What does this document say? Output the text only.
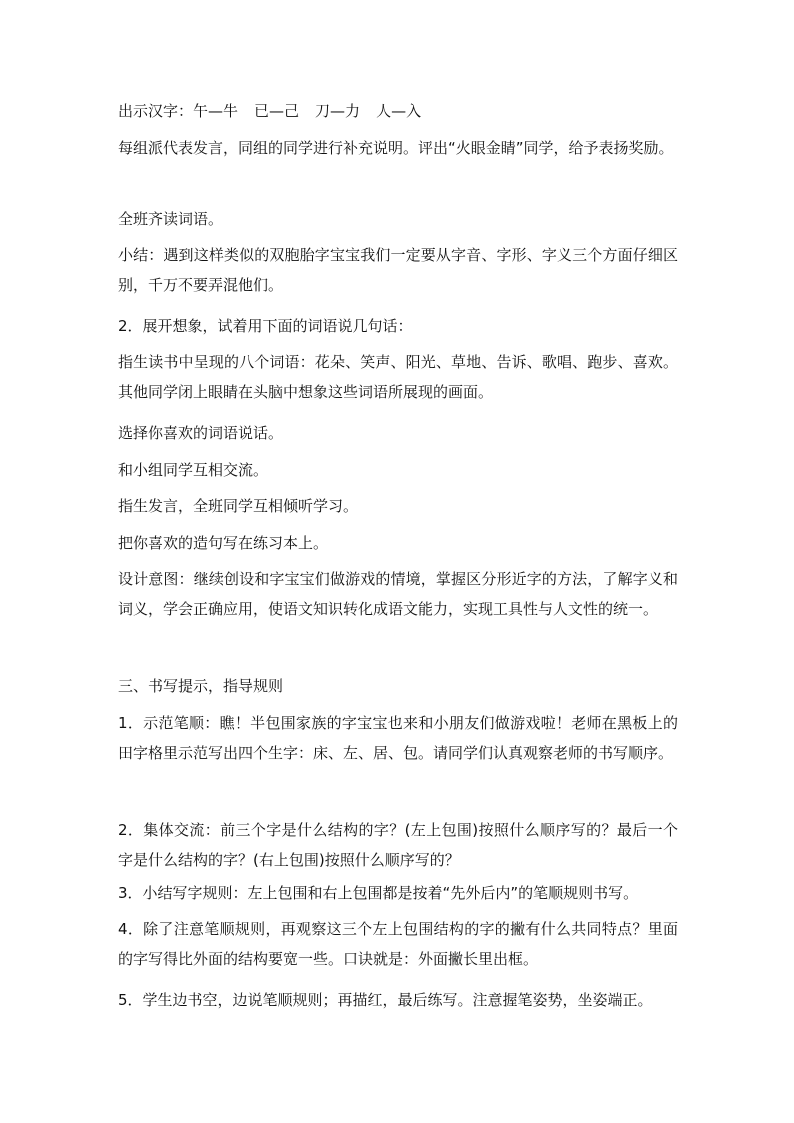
出示汉字：午—牛 已—己 刀—力 人—入

每组派代表发言，同组的同学进行补充说明。评出“火眼金睛”同学，给予表扬奖励。

全班齐读词语。

小结：遇到这样类似的双胞胎字宝宝我们一定要从字音、字形、字义三个方面仔细区别，千万不要弄混他们。

2．展开想象，试着用下面的词语说几句话：

指生读书中呈现的八个词语：花朵、笑声、阳光、草地、告诉、歌唱、跑步、喜欢。其他同学闭上眼睛在头脑中想象这些词语所展现的画面。

选择你喜欢的词语说话。

和小组同学互相交流。

指生发言，全班同学互相倾听学习。

把你喜欢的造句写在练习本上。

设计意图：继续创设和字宝宝们做游戏的情境，掌握区分形近字的方法，了解字义和词义，学会正确应用，使语文知识转化成语文能力，实现工具性与人文性的统一。

三、书写提示，指导规则

1．示范笔顺：瞧！半包围家族的字宝宝也来和小朋友们做游戏啦！老师在黑板上的田字格里示范写出四个生字：床、左、居、包。请同学们认真观察老师的书写顺序。

2．集体交流：前三个字是什么结构的字？(左上包围)按照什么顺序写的？最后一个字是什么结构的字？(右上包围)按照什么顺序写的？

3．小结写字规则：左上包围和右上包围都是按着“先外后内”的笔顺规则书写。

4．除了注意笔顺规则，再观察这三个左上包围结构的字的撇有什么共同特点？里面的字写得比外面的结构要宽一些。口诀就是：外面撇长里出框。

5．学生边书空，边说笔顺规则；再描红，最后练写。注意握笔姿势，坐姿端正。
